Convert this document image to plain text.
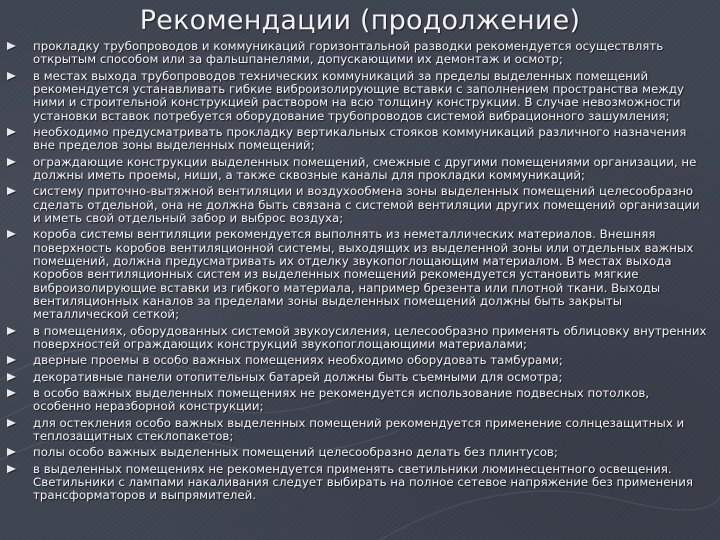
Рекомендации (продолжение)
прокладку трубопроводов и коммуникаций горизонтальной разводки рекомендуется осуществлять открытым способом или за фальшпанелями, допускающими их демонтаж и осмотр;
в местах выхода трубопроводов технических коммуникаций за пределы выделенных помещений рекомендуется устанавливать гибкие виброизолирующие вставки с заполнением пространства между ними и строительной конструкцией раствором на всю толщину конструкции. В случае невозможности установки вставок потребуется оборудование трубопроводов системой вибрационного зашумления;
необходимо предусматривать прокладку вертикальных стояков коммуникаций различного назначения вне пределов зоны выделенных помещений;
ограждающие конструкции выделенных помещений, смежные с другими помещениями организации, не должны иметь проемы, ниши, а также сквозные каналы для прокладки коммуникаций;
систему приточно-вытяжной вентиляции и воздухообмена зоны выделенных помещений целесообразно сделать отдельной, она не должна быть связана с системой вентиляции других помещений организации и иметь свой отдельный забор и выброс воздуха;
короба системы вентиляции рекомендуется выполнять из неметаллических материалов. Внешняя поверхность коробов вентиляционной системы, выходящих из выделенной зоны или отдельных важных помещений, должна предусматривать их отделку звукопоглощающим материалом. В местах выхода коробов вентиляционных систем из выделенных помещений рекомендуется установить мягкие виброизолирующие вставки из гибкого материала, например брезента или плотной ткани. Выходы вентиляционных каналов за пределами зоны выделенных помещений должны быть закрыты металлической сеткой;
в помещениях, оборудованных системой звукоусиления, целесообразно применять облицовку внутренних поверхностей ограждающих конструкций звукопоглощающими материалами;
дверные проемы в особо важных помещениях необходимо оборудовать тамбурами;
декоративные панели отопительных батарей должны быть съемными для осмотра;
в особо важных выделенных помещениях не рекомендуется использование подвесных потолков, особенно неразборной конструкции;
для остекления особо важных выделенных помещений рекомендуется применение солнцезащитных и теплозащитных стеклопакетов;
полы особо важных выделенных помещений целесообразно делать без плинтусов;
в выделенных помещениях не рекомендуется применять светильники люминесцентного освещения. Светильники с лампами накаливания следует выбирать на полное сетевое напряжение без применения трансформаторов и выпрямителей.
